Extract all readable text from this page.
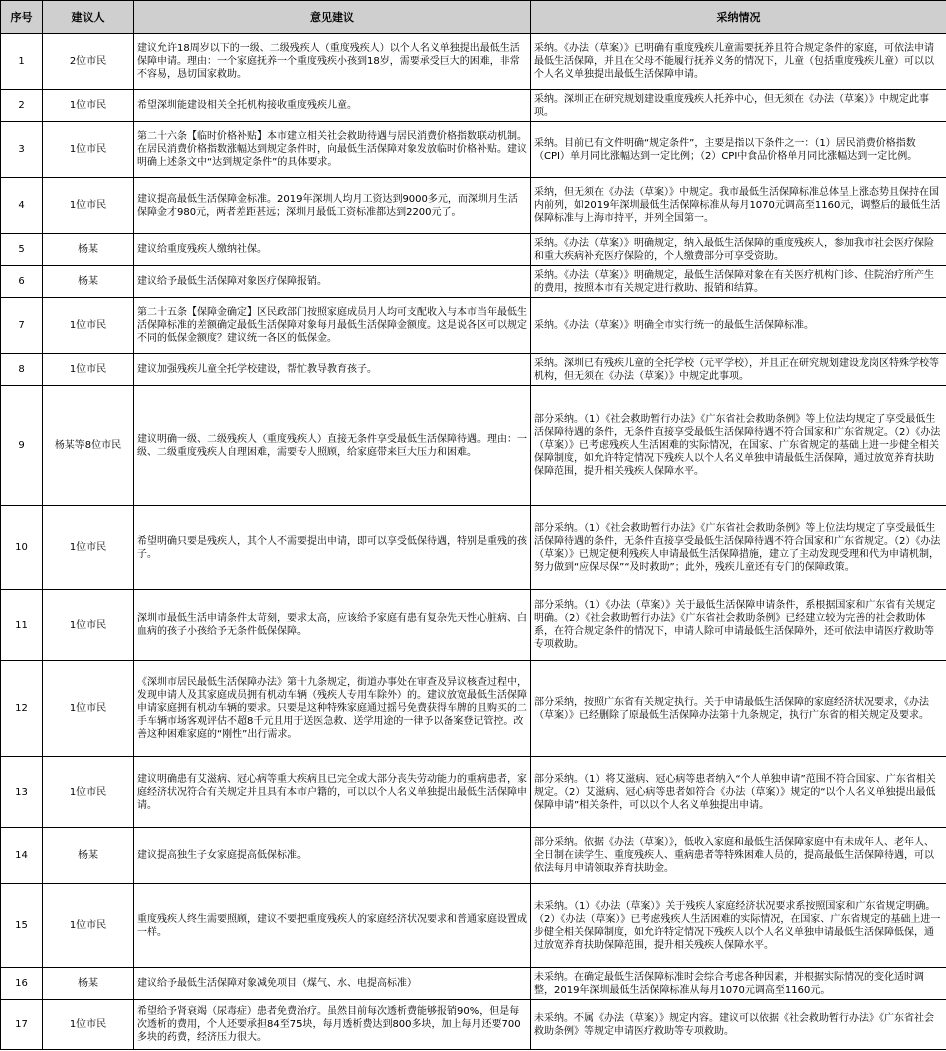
序号	建议人	意见建议	采纳情况
1	2位市民	建议允许18周岁以下的一级、二级残疾人（重度残疾人）以个人名义单独提出最低生活保障申请。理由：一个家庭抚养一个重度残疾小孩到18岁，需要承受巨大的困难，非常不容易，恳切国家救助。	采纳。《办法（草案）》已明确有重度残疾儿童需要抚养且符合规定条件的家庭，可依法申请最低生活保障，并且在父母不能履行抚养义务的情况下，儿童（包括重度残疾儿童）可以以个人名义单独提出最低生活保障申请。
2	1位市民	希望深圳能建设相关全托机构接收重度残疾儿童。	采纳。深圳正在研究规划建设重度残疾人托养中心，但无须在《办法（草案）》中规定此事项。
3	1位市民	第二十六条【临时价格补贴】本市建立相关社会救助待遇与居民消费价格指数联动机制。在居民消费价格指数涨幅达到规定条件时，向最低生活保障对象发放临时价格补贴。建议明确上述条文中“达到规定条件”的具体要求。	采纳。目前已有文件明确“规定条件”，主要是指以下条件之一：（1）居民消费价格指数（CPI）单月同比涨幅达到一定比例；（2）CPI中食品价格单月同比涨幅达到一定比例。
4	1位市民	建议提高最低生活保障金标准。2019年深圳人均月工资达到9000多元，而深圳月生活保障金才980元，两者差距甚远；深圳月最低工资标准都达到2200元了。	采纳，但无须在《办法（草案）》中规定。我市最低生活保障标准总体呈上涨态势且保持在国内前列，如2019年深圳最低生活保障标准从每月1070元调高至1160元，调整后的最低生活保障标准与上海市持平，并列全国第一。
5	杨某	建议给重度残疾人缴纳社保。	采纳。《办法（草案）》明确规定，纳入最低生活保障的重度残疾人，参加我市社会医疗保险和重大疾病补充医疗保险的，个人缴费部分可享受资助。
6	杨某	建议给予最低生活保障对象医疗保障报销。	采纳。《办法（草案）》明确规定，最低生活保障对象在有关医疗机构门诊、住院治疗所产生的费用，按照本市有关规定进行救助、报销和结算。
7	1位市民	第二十五条【保障金确定】区民政部门按照家庭成员月人均可支配收入与本市当年最低生活保障标准的差额确定最低生活保障对象每月最低生活保障金额度。这是说各区可以规定不同的低保金额度？建议统一各区的低保金。	采纳。《办法（草案）》明确全市实行统一的最低生活保障标准。
8	1位市民	建议加强残疾儿童全托学校建设，帮忙教导教育孩子。	采纳。深圳已有残疾儿童的全托学校（元平学校），并且正在研究规划建设龙岗区特殊学校等机构，但无须在《办法（草案）》中规定此事项。
9	杨某等8位市民	建议明确一级、二级残疾人（重度残疾人）直接无条件享受最低生活保障待遇。理由：一级、二级重度残疾人自理困难，需要专人照顾，给家庭带来巨大压力和困难。	部分采纳。（1）《社会救助暂行办法》《广东省社会救助条例》等上位法均规定了享受最低生活保障待遇的条件，无条件直接享受最低生活保障待遇不符合国家和广东省规定。（2）《办法（草案）》已考虑残疾人生活困难的实际情况，在国家、广东省规定的基础上进一步健全相关保障制度，如允许特定情况下残疾人以个人名义单独申请最低生活保障，通过放宽养育扶助保障范围，提升相关残疾人保障水平。
10	1位市民	希望明确只要是残疾人，其个人不需要提出申请，即可以享受低保待遇，特别是重残的孩子。	部分采纳。（1）《社会救助暂行办法》《广东省社会救助条例》等上位法均规定了享受最低生活保障待遇的条件，无条件直接享受最低生活保障待遇不符合国家和广东省规定。（2）《办法（草案）》已规定便利残疾人申请最低生活保障措施，建立了主动发现受理和代为申请机制，努力做到“应保尽保”“及时救助”；此外，残疾儿童还有专门的保障政策。
11	1位市民	深圳市最低生活申请条件太苛刻，要求太高，应该给予家庭有患有复杂先天性心脏病、白血病的孩子小孩给予无条件低保保障。	部分采纳。（1）《办法（草案）》关于最低生活保障申请条件，系根据国家和广东省有关规定明确。（2）《社会救助暂行办法》《广东省社会救助条例》已经建立较为完善的社会救助体系，在符合规定条件的情况下，申请人除可申请最低生活保障外，还可依法申请医疗救助等专项救助。
12	1位市民	《深圳市居民最低生活保障办法》第十九条规定，街道办事处在审查及异议核查过程中，发现申请人及其家庭成员拥有机动车辆（残疾人专用车除外）的。建议放宽最低生活保障申请家庭拥有机动车辆的要求。只要是这种特殊家庭通过摇号免费获得车牌的且购买的二手车辆市场客观评估不超8千元且用于送医急救、送学用途的一律予以备案登记管控。改善这种困难家庭的“刚性”出行需求。	部分采纳，按照广东省有关规定执行。关于申请最低生活保障的家庭经济状况要求，《办法（草案）》已经删除了原最低生活保障办法第十九条规定，执行广东省的相关规定及要求。
13	1位市民	建议明确患有艾滋病、冠心病等重大疾病且已完全或大部分丧失劳动能力的重病患者，家庭经济状况符合有关规定并且具有本市户籍的，可以以个人名义单独提出最低生活保障申请。	部分采纳。（1）将艾滋病、冠心病等患者纳入“个人单独申请”范围不符合国家、广东省相关规定。（2）艾滋病、冠心病等患者如符合《办法（草案）》规定的“以个人名义单独提出最低保障申请”相关条件，可以以个人名义单独提出申请。
14	杨某	建议提高独生子女家庭提高低保标准。	部分采纳。依据《办法（草案）》，低收入家庭和最低生活保障家庭中有未成年人、老年人、全日制在读学生、重度残疾人、重病患者等特殊困难人员的，提高最低生活保障待遇，可以依法每月申请领取养育扶助金。
15	1位市民	重度残疾人终生需要照顾，建议不要把重度残疾人的家庭经济状况要求和普通家庭设置成一样。	未采纳。（1）《办法（草案）》关于残疾人家庭经济状况要求系按照国家和广东省规定明确。（2）《办法（草案）》已考虑残疾人生活困难的实际情况，在国家、广东省规定的基础上进一步健全相关保障制度，如允许特定情况下残疾人以个人名义单独申请最低生活保障低保，通过放宽养育扶助保障范围，提升相关残疾人保障水平。
16	杨某	建议给予最低生活保障对象减免项目（煤气、水、电提高标准）	未采纳。在确定最低生活保障标准时会综合考虑各种因素，并根据实际情况的变化适时调整，2019年深圳最低生活保障标准从每月1070元调高至1160元。
17	1位市民	希望给予肾衰竭（尿毒症）患者免费治疗。虽然目前每次透析费能够报销90%，但是每次透析的费用，个人还要承担84至75块，每月透析费达到800多块，加上每月还要700多块的药费，经济压力很大。	未采纳。不属《办法（草案）》规定内容。建议可以依据《社会救助暂行办法》《广东省社会救助条例》等规定申请医疗救助等专项救助。
